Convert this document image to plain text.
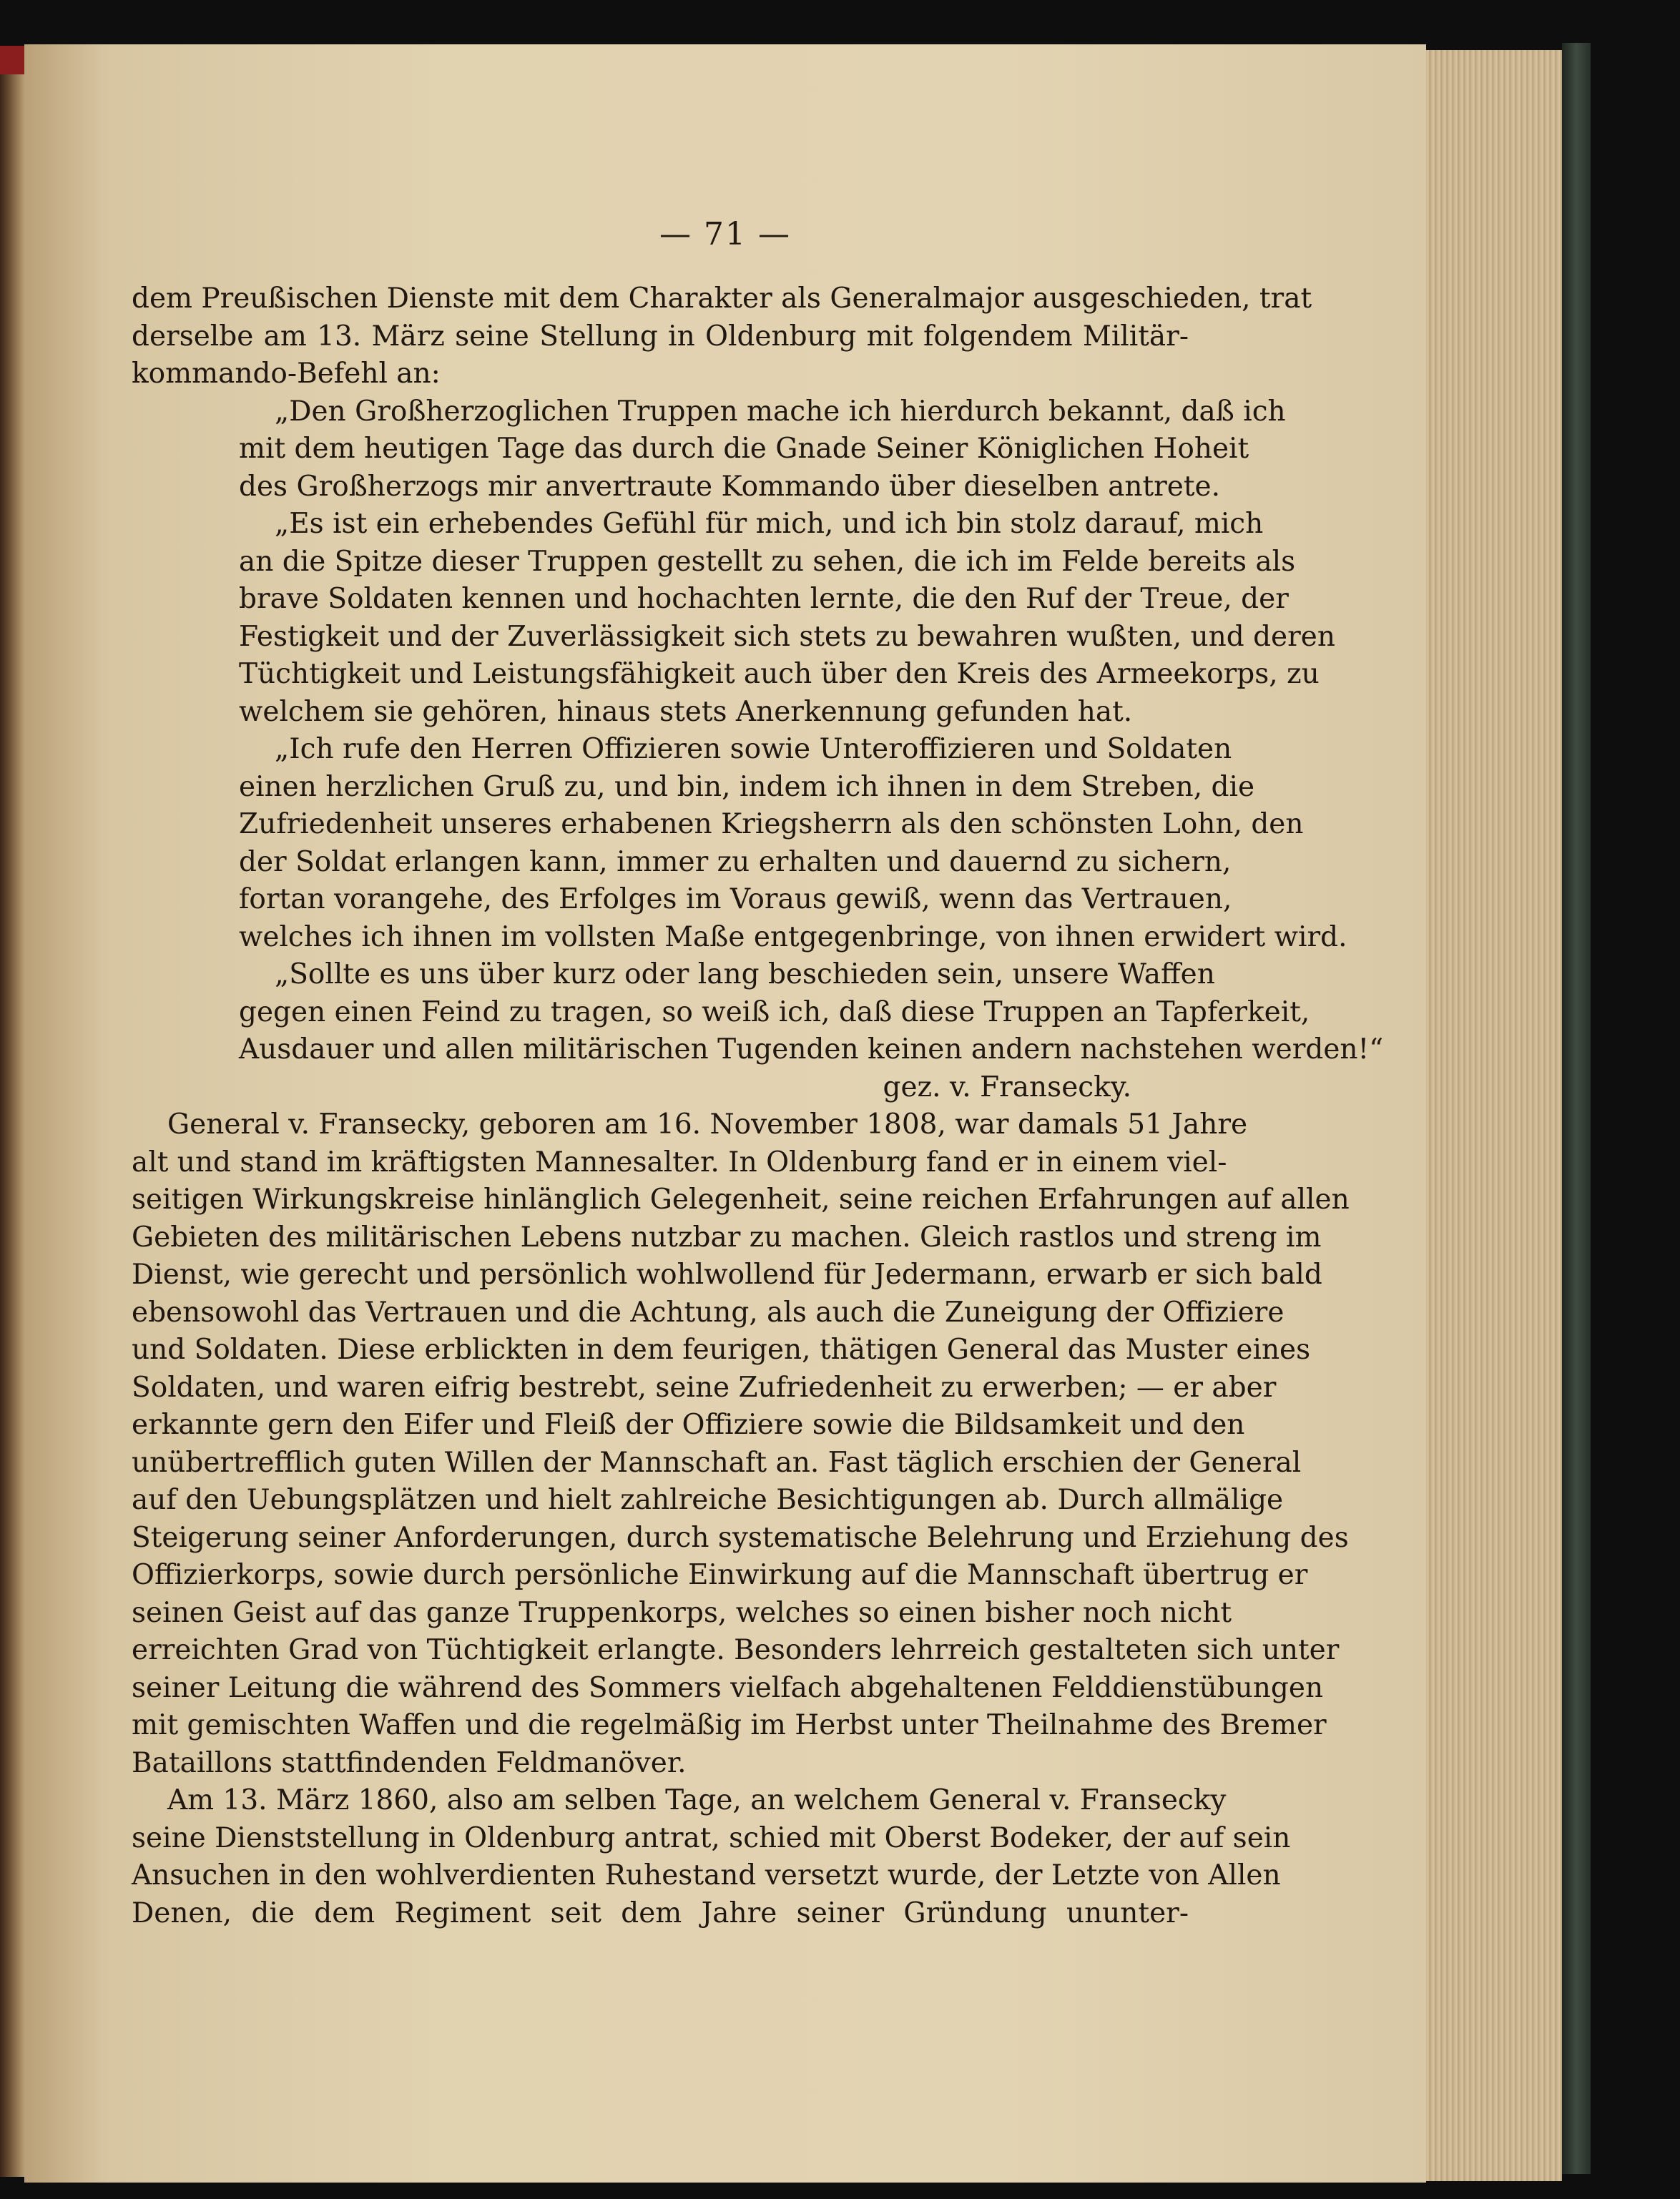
— 71 —
dem Preußischen Dienste mit dem Charakter als Generalmajor ausgeschieden, trat
derselbe am 13. März seine Stellung in Oldenburg mit folgendem Militär-
kommando-Befehl an:
„Den Großherzoglichen Truppen mache ich hierdurch bekannt, daß ich
mit dem heutigen Tage das durch die Gnade Seiner Königlichen Hoheit
des Großherzogs mir anvertraute Kommando über dieselben antrete.
„Es ist ein erhebendes Gefühl für mich, und ich bin stolz darauf, mich
an die Spitze dieser Truppen gestellt zu sehen, die ich im Felde bereits als
brave Soldaten kennen und hochachten lernte, die den Ruf der Treue, der
Festigkeit und der Zuverlässigkeit sich stets zu bewahren wußten, und deren
Tüchtigkeit und Leistungsfähigkeit auch über den Kreis des Armeekorps, zu
welchem sie gehören, hinaus stets Anerkennung gefunden hat.
„Ich rufe den Herren Offizieren sowie Unteroffizieren und Soldaten
einen herzlichen Gruß zu, und bin, indem ich ihnen in dem Streben, die
Zufriedenheit unseres erhabenen Kriegsherrn als den schönsten Lohn, den
der Soldat erlangen kann, immer zu erhalten und dauernd zu sichern,
fortan vorangehe, des Erfolges im Voraus gewiß, wenn das Vertrauen,
welches ich ihnen im vollsten Maße entgegenbringe, von ihnen erwidert wird.
„Sollte es uns über kurz oder lang beschieden sein, unsere Waffen
gegen einen Feind zu tragen, so weiß ich, daß diese Truppen an Tapferkeit,
Ausdauer und allen militärischen Tugenden keinen andern nachstehen werden!“
gez. v. Fransecky.
General v. Fransecky, geboren am 16. November 1808, war damals 51 Jahre
alt und stand im kräftigsten Mannesalter. In Oldenburg fand er in einem viel-
seitigen Wirkungskreise hinlänglich Gelegenheit, seine reichen Erfahrungen auf allen
Gebieten des militärischen Lebens nutzbar zu machen. Gleich rastlos und streng im
Dienst, wie gerecht und persönlich wohlwollend für Jedermann, erwarb er sich bald
ebensowohl das Vertrauen und die Achtung, als auch die Zuneigung der Offiziere
und Soldaten. Diese erblickten in dem feurigen, thätigen General das Muster eines
Soldaten, und waren eifrig bestrebt, seine Zufriedenheit zu erwerben; — er aber
erkannte gern den Eifer und Fleiß der Offiziere sowie die Bildsamkeit und den
unübertrefflich guten Willen der Mannschaft an. Fast täglich erschien der General
auf den Uebungsplätzen und hielt zahlreiche Besichtigungen ab. Durch allmälige
Steigerung seiner Anforderungen, durch systematische Belehrung und Erziehung des
Offizierkorps, sowie durch persönliche Einwirkung auf die Mannschaft übertrug er
seinen Geist auf das ganze Truppenkorps, welches so einen bisher noch nicht
erreichten Grad von Tüchtigkeit erlangte. Besonders lehrreich gestalteten sich unter
seiner Leitung die während des Sommers vielfach abgehaltenen Felddienstübungen
mit gemischten Waffen und die regelmäßig im Herbst unter Theilnahme des Bremer
Bataillons stattfindenden Feldmanöver.
Am 13. März 1860, also am selben Tage, an welchem General v. Fransecky
seine Dienststellung in Oldenburg antrat, schied mit Oberst Bodeker, der auf sein
Ansuchen in den wohlverdienten Ruhestand versetzt wurde, der Letzte von Allen
Denen, die dem Regiment seit dem Jahre seiner Gründung ununter-
